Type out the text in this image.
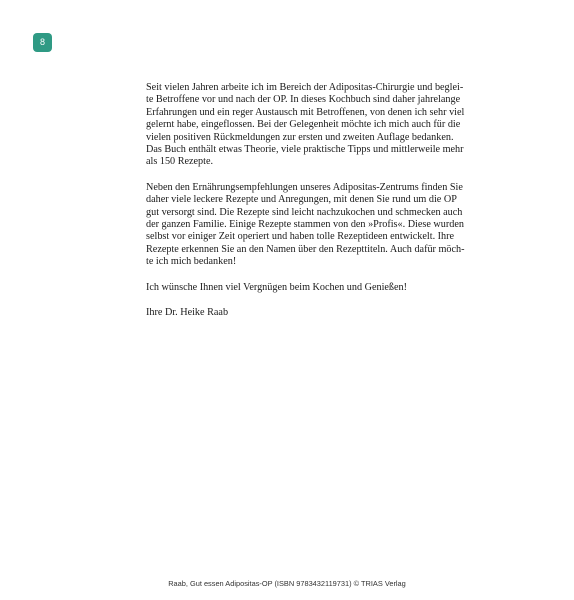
8

Seit vielen Jahren arbeite ich im Bereich der Adipositas-Chirurgie und beglei-
te Betroffene vor und nach der OP. In dieses Kochbuch sind daher jahrelange
Erfahrungen und ein reger Austausch mit Betroffenen, von denen ich sehr viel
gelernt habe, eingeflossen. Bei der Gelegenheit möchte ich mich auch für die
vielen positiven Rückmeldungen zur ersten und zweiten Auflage bedanken.
Das Buch enthält etwas Theorie, viele praktische Tipps und mittlerweile mehr
als 150 Rezepte.

Neben den Ernährungsempfehlungen unseres Adipositas-Zentrums finden Sie
daher viele leckere Rezepte und Anregungen, mit denen Sie rund um die OP
gut versorgt sind. Die Rezepte sind leicht nachzukochen und schmecken auch
der ganzen Familie. Einige Rezepte stammen von den »Profis«. Diese wurden
selbst vor einiger Zeit operiert und haben tolle Rezeptideen entwickelt. Ihre
Rezepte erkennen Sie an den Namen über den Rezepttiteln. Auch dafür möch-
te ich mich bedanken!

Ich wünsche Ihnen viel Vergnügen beim Kochen und Genießen!

Ihre Dr. Heike Raab

Raab, Gut essen Adipositas-OP (ISBN 9783432119731) © TRIAS Verlag
